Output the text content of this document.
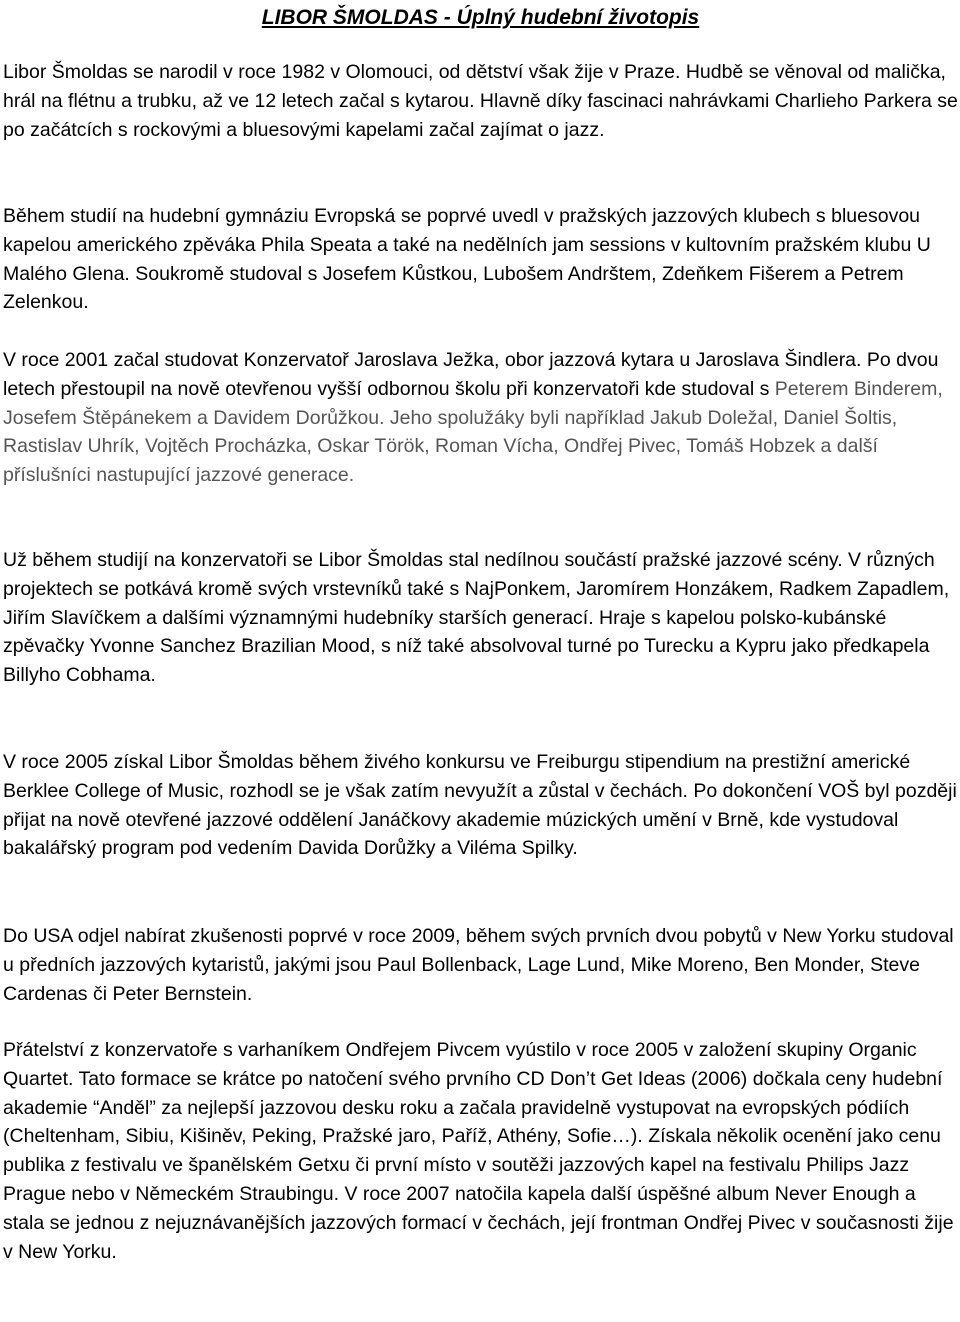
LIBOR ŠMOLDAS - Úplný hudební životopis

Libor Šmoldas se narodil v roce 1982 v Olomouci, od dětství však žije v Praze. Hudbě se věnoval od malička, hrál na flétnu a trubku, až ve 12 letech začal s kytarou. Hlavně díky fascinaci nahrávkami Charlieho Parkera se po začátcích s rockovými a bluesovými kapelami začal zajímat o jazz.

Během studií na hudební gymnáziu Evropská se poprvé uvedl v pražských jazzových klubech s bluesovou kapelou amerického zpěváka Phila Speata a také na nedělních jam sessions v kultovním pražském klubu U Malého Glena. Soukromě studoval s Josefem Kůstkou, Lubošem Andrštem, Zdeňkem Fišerem a Petrem Zelenkou.

V roce 2001 začal studovat Konzervatoř Jaroslava Ježka, obor jazzová kytara u Jaroslava Šindlera. Po dvou letech přestoupil na nově otevřenou vyšší odbornou školu při konzervatoři kde studoval s Peterem Binderem, Josefem Štěpánekem a Davidem Dorůžkou. Jeho spolužáky byli například Jakub Doležal, Daniel Šoltis, Rastislav Uhrík, Vojtěch Procházka, Oskar Török, Roman Vícha, Ondřej Pivec, Tomáš Hobzek a další příslušníci nastupující jazzové generace.

Už během studijí na konzervatoři se Libor Šmoldas stal nedílnou součástí pražské jazzové scény. V různých projektech se potkává kromě svých vrstevníků také s NajPonkem, Jaromírem Honzákem, Radkem Zapadlem, Jiřím Slavíčkem a dalšími významnými hudebníky starších generací. Hraje s kapelou polsko-kubánské zpěvačky Yvonne Sanchez Brazilian Mood, s níž také absolvoval turné po Turecku a Kypru jako předkapela Billyho Cobhama.

V roce 2005 získal Libor Šmoldas během živého konkursu ve Freiburgu stipendium na prestižní americké Berklee College of Music, rozhodl se je však zatím nevyužít a zůstal v čechách. Po dokončení VOŠ byl později přijat na nově otevřené jazzové oddělení Janáčkovy akademie múzických umění v Brně, kde vystudoval bakalářský program pod vedením Davida Dorůžky a Viléma Spilky.

Do USA odjel nabírat zkušenosti poprvé v roce 2009, během svých prvních dvou pobytů v New Yorku studoval u předních jazzových kytaristů, jakými jsou Paul Bollenback, Lage Lund, Mike Moreno, Ben Monder, Steve Cardenas či Peter Bernstein.

Přátelství z konzervatoře s varhaníkem Ondřejem Pivcem vyústilo v roce 2005 v založení skupiny Organic Quartet. Tato formace se krátce po natočení svého prvního CD Don’t Get Ideas (2006) dočkala ceny hudební akademie “Anděl” za nejlepší jazzovou desku roku a začala pravidelně vystupovat na evropských pódiích (Cheltenham, Sibiu, Kišiněv, Peking, Pražské jaro, Paříž, Athény, Sofie…). Získala několik ocenění jako cenu publika z festivalu ve španělském Getxu či první místo v soutěži jazzových kapel na festivalu Philips Jazz Prague nebo v Německém Straubingu. V roce 2007 natočila kapela další úspěšné album Never Enough a stala se jednou z nejuznávanějších jazzových formací v čechách, její frontman Ondřej Pivec v současnosti žije v New Yorku.
